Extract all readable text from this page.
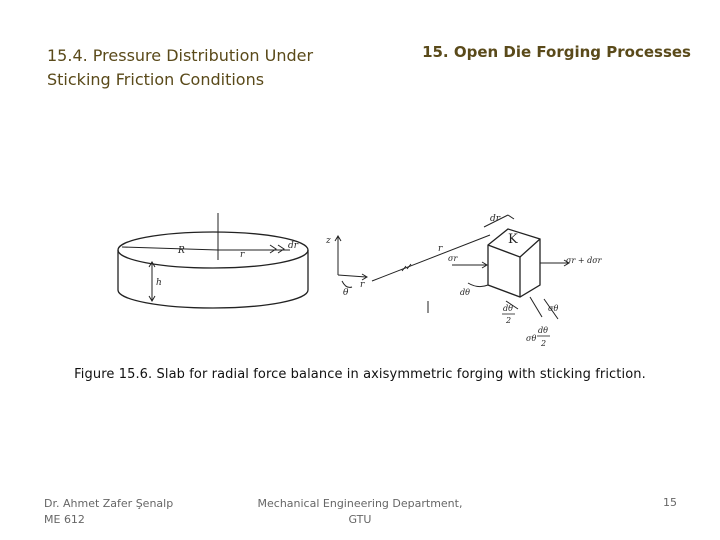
15.4. Pressure Distribution Under Sticking Friction Conditions
15. Open Die Forging Processes
R	r
dr
h
z
r
θ
r
dr
K
σr	σr + dσr
dθ
dθ
2
σθ
σθ
dθ
2
Figure 15.6. Slab for radial force balance in axisymmetric forging with sticking friction.
Dr. Ahmet Zafer Şenalp
ME 612
Mechanical Engineering Department,
GTU
15
